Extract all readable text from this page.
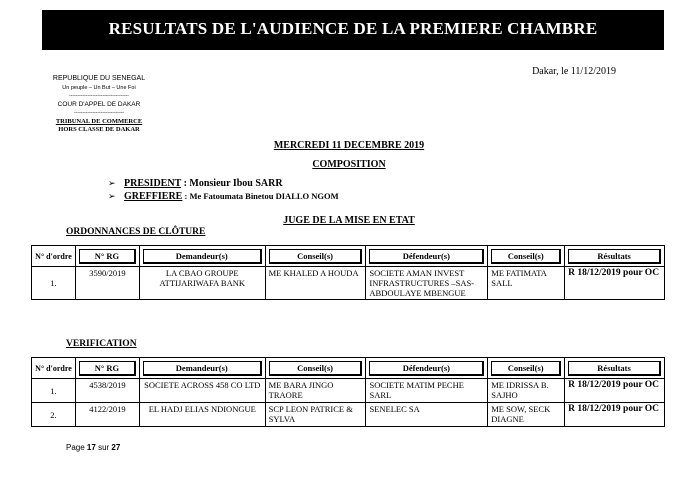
RESULTATS DE L'AUDIENCE DE LA PREMIERE CHAMBRE
Dakar, le 11/12/2019
REPUBLIQUE DU SENEGAL
Un peuple – Un But – Une Foi
------------------------------------
COUR D'APPEL DE DAKAR
------------------------------
TRIBUNAL DE COMMERCE
HORS CLASSE DE DAKAR
MERCREDI 11 DECEMBRE 2019
COMPOSITION
➢ PRESIDENT : Monsieur Ibou SARR
➢ GREFFIERE : Me Fatoumata Binetou DIALLO NGOM
JUGE DE LA MISE EN ETAT
ORDONNANCES DE CLÔTURE
N° d'ordre	N° RG	Demandeur(s)	Conseil(s)	Défendeur(s)	Conseil(s)	Résultats

1.	3590/2019	LA CBAO GROUPE ATTIJARIWAFA BANK	ME KHALED A HOUDA	SOCIETE AMAN INVEST INFRASTRUCTURES –SAS- ABDOULAYE MBENGUE	ME FATIMATA SALL	R 18/12/2019 pour OC
VERIFICATION
N° d'ordre	N° RG	Demandeur(s)	Conseil(s)	Défendeur(s)	Conseil(s)	Résultats

1.	4538/2019	SOCIETE ACROSS 458 CO LTD	ME BARA JINGO TRAORE	SOCIETE MATIM PECHE SARL	ME IDRISSA B. SAJHO	R 18/12/2019 pour OC
2.	4122/2019	EL HADJ ELIAS NDIONGUE	SCP LEON PATRICE & SYLVA	SENELEC SA	ME SOW, SECK DIAGNE	R 18/12/2019 pour OC
Page 17 sur 27
